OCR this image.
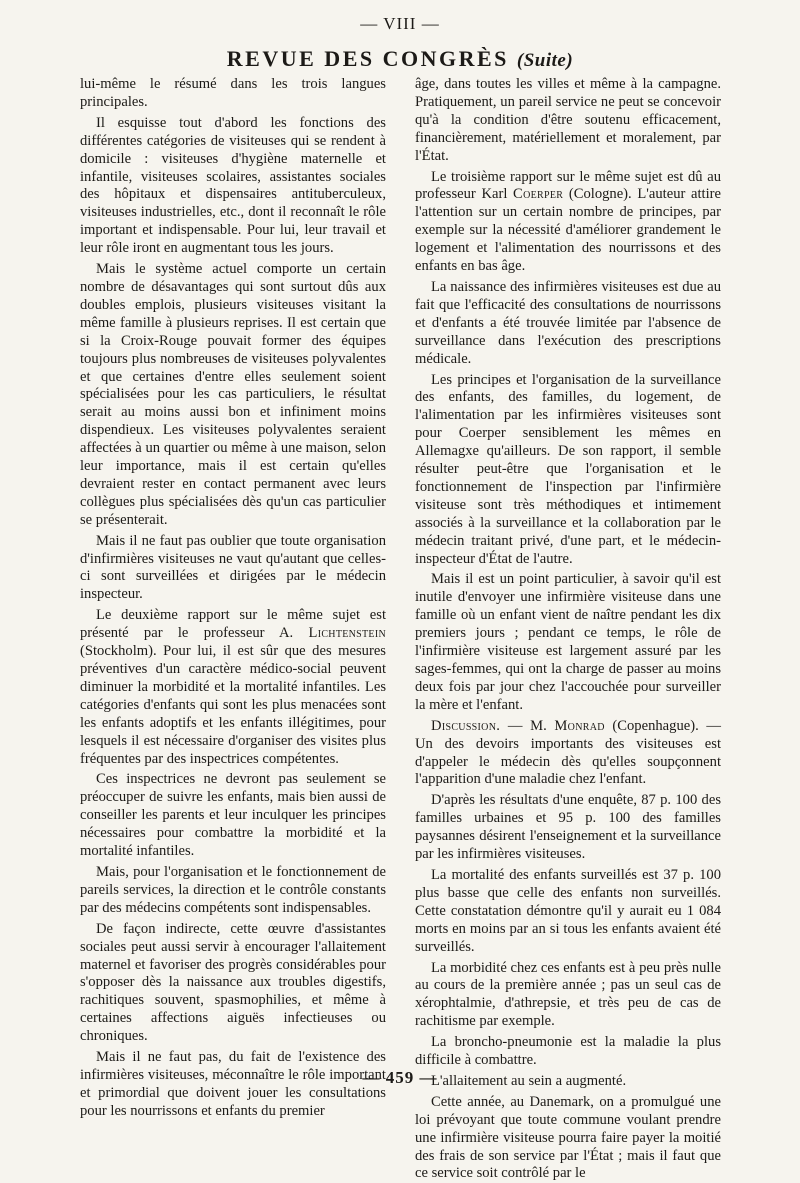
— VIII —
REVUE DES CONGRÈS (Suite)

lui-même le résumé dans les trois langues principales.

Il esquisse tout d'abord les fonctions des différentes catégories de visiteuses qui se rendent à domicile : visiteuses d'hygiène maternelle et infantile, visiteuses scolaires, assistantes sociales des hôpitaux et dispensaires antituberculeux, visiteuses industrielles, etc., dont il reconnaît le rôle important et indispensable. Pour lui, leur travail et leur rôle iront en augmentant tous les jours.

Mais le système actuel comporte un certain nombre de désavantages qui sont surtout dûs aux doubles emplois, plusieurs visiteuses visitant la même famille à plusieurs reprises. Il est certain que si la Croix-Rouge pouvait former des équipes toujours plus nombreuses de visiteuses polyvalentes et que certaines d'entre elles seulement soient spécialisées pour les cas particuliers, le résultat serait au moins aussi bon et infiniment moins dispendieux. Les visiteuses polyvalentes seraient affectées à un quartier ou même à une maison, selon leur importance, mais il est certain qu'elles devraient rester en contact permanent avec leurs collègues plus spécialisées dès qu'un cas particulier se présenterait.

Mais il ne faut pas oublier que toute organisation d'infirmières visiteuses ne vaut qu'autant que celles-ci sont surveillées et dirigées par le médecin inspecteur.

Le deuxième rapport sur le même sujet est présenté par le professeur A. Lichtenstein (Stockholm). Pour lui, il est sûr que des mesures préventives d'un caractère médico-social peuvent diminuer la morbidité et la mortalité infantiles. Les catégories d'enfants qui sont les plus menacées sont les enfants adoptifs et les enfants illégitimes, pour lesquels il est nécessaire d'organiser des visites plus fréquentes par des inspectrices compétentes.

Ces inspectrices ne devront pas seulement se préoccuper de suivre les enfants, mais bien aussi de conseiller les parents et leur inculquer les principes nécessaires pour combattre la morbidité et la mortalité infantiles.

Mais, pour l'organisation et le fonctionnement de pareils services, la direction et le contrôle constants par des médecins compétents sont indispensables.

De façon indirecte, cette œuvre d'assistantes sociales peut aussi servir à encourager l'allaitement maternel et favoriser des progrès considérables pour s'opposer dès la naissance aux troubles digestifs, rachitiques souvent, spasmophilies, et même à certaines affections aiguës infectieuses ou chroniques.

Mais il ne faut pas, du fait de l'existence des infirmières visiteuses, méconnaître le rôle important et primordial que doivent jouer les consultations pour les nourrissons et enfants du premier

âge, dans toutes les villes et même à la campagne. Pratiquement, un pareil service ne peut se concevoir qu'à la condition d'être soutenu efficacement, financièrement, matériellement et moralement, par l'État.

Le troisième rapport sur le même sujet est dû au professeur Karl Coerper (Cologne). L'auteur attire l'attention sur un certain nombre de principes, par exemple sur la nécessité d'améliorer grandement le logement et l'alimentation des nourrissons et des enfants en bas âge.

La naissance des infirmières visiteuses est due au fait que l'efficacité des consultations de nourrissons et d'enfants a été trouvée limitée par l'absence de surveillance dans l'exécution des prescriptions médicale.

Les principes et l'organisation de la surveillance des enfants, des familles, du logement, de l'alimentation par les infirmières visiteuses sont pour Coerper sensiblement les mêmes en Allemagxe qu'ailleurs. De son rapport, il semble résulter peut-être que l'organisation et le fonctionnement de l'inspection par l'infirmière visiteuse sont très méthodiques et intimement associés à la surveillance et la collaboration par le médecin traitant privé, d'une part, et le médecin-inspecteur d'État de l'autre.

Mais il est un point particulier, à savoir qu'il est inutile d'envoyer une infirmière visiteuse dans une famille où un enfant vient de naître pendant les dix premiers jours ; pendant ce temps, le rôle de l'infirmière visiteuse est largement assuré par les sages-femmes, qui ont la charge de passer au moins deux fois par jour chez l'accouchée pour surveiller la mère et l'enfant.

Discussion. — M. Monrad (Copenhague). — Un des devoirs importants des visiteuses est d'appeler le médecin dès qu'elles soupçonnent l'apparition d'une maladie chez l'enfant.

D'après les résultats d'une enquête, 87 p. 100 des familles urbaines et 95 p. 100 des familles paysannes désirent l'enseignement et la surveillance par les infirmières visiteuses.

La mortalité des enfants surveillés est 37 p. 100 plus basse que celle des enfants non surveillés. Cette constatation démontre qu'il y aurait eu 1 084 morts en moins par an si tous les enfants avaient été surveillés.

La morbidité chez ces enfants est à peu près nulle au cours de la première année ; pas un seul cas de xérophtalmie, d'athrepsie, et très peu de cas de rachitisme par exemple.

La broncho-pneumonie est la maladie la plus difficile à combattre.

L'allaitement au sein a augmenté.

Cette année, au Danemark, on a promulgué une loi prévoyant que toute commune voulant prendre une infirmière visiteuse pourra faire payer la moitié des frais de son service par l'État ; mais il faut que ce service soit contrôlé par le

— 459 —
